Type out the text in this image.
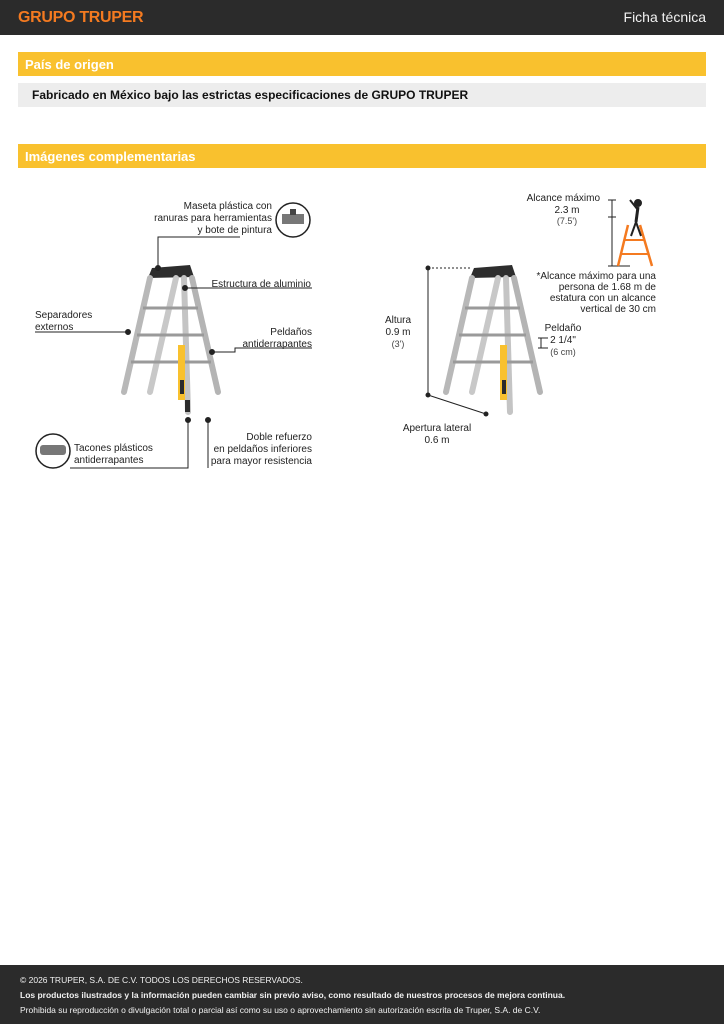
GRUPO TRUPER	Ficha técnica
País de origen
Fabricado en México bajo las estrictas especificaciones de GRUPO TRUPER
Imágenes complementarias
Maseta plástica con
ranuras para herramientas
y bote de pintura
Estructura de aluminio
Separadores
externos	Peldaños
antiderrapantes
Tacones plásticos
antiderrapantes
Doble refuerzo
en peldaños inferiores
para mayor resistencia
Alcance máximo
2.3 m
(7.5')
*Alcance máximo para una
persona de 1.68 m de
estatura con un alcance
vertical de 30 cm
Altura
0.9 m
(3')
Peldaño
2 1/4"
(6 cm)
Apertura lateral
0.6 m
© 2026 TRUPER, S.A. DE C.V. TODOS LOS DERECHOS RESERVADOS.
Los productos ilustrados y la información pueden cambiar sin previo aviso, como resultado de nuestros procesos de mejora continua.
Prohibida su reproducción o divulgación total o parcial así como su uso o aprovechamiento sin autorización escrita de Truper, S.A. de C.V.
